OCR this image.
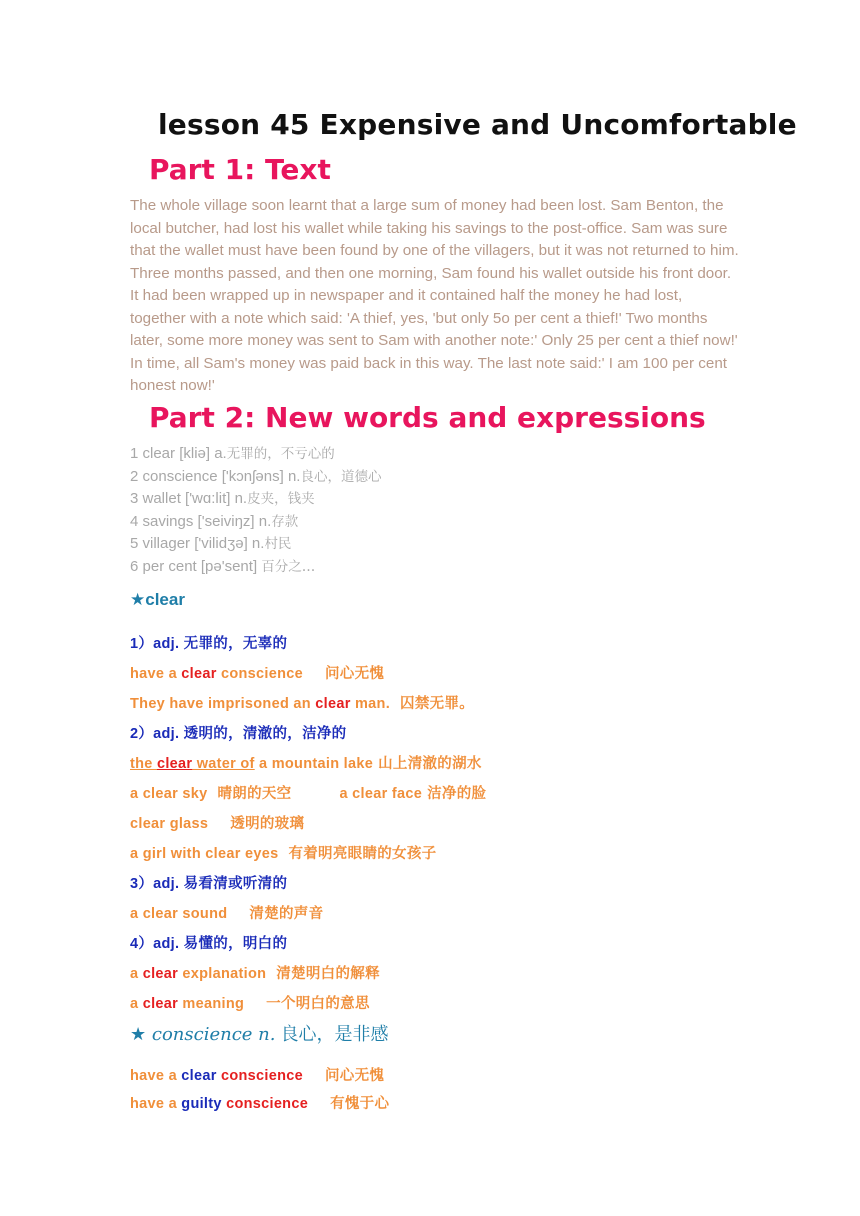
lesson 45 Expensive and Uncomfortable
Part 1: Text
The whole village soon learnt that a large sum of money had been lost. Sam Benton, the local butcher, had lost his wallet while taking his savings to the post-office. Sam was sure that the wallet must have been found by one of the villagers, but it was not returned to him. Three months passed, and then one morning, Sam found his wallet outside his front door. It had been wrapped up in newspaper and it contained half the money he had lost, together with a note which said: 'A thief, yes, 'but only 5o per cent a thief!' Two months later, some more money was sent to Sam with another note:' Only 25 per cent a thief now!' In time, all Sam's money was paid back in this way. The last note said:' I am 100 per cent honest now!'
Part 2: New words and expressions
1 clear [kliə] a.无罪的，不亏心的
2 conscience ['kɔnʃəns] n.良心，道德心
3 wallet ['wɑ:lit] n.皮夹，钱夹
4 savings ['seiviŋz] n.存款
5 villager ['vilidʒə] n.村民
6 per cent [pə'sent] 百分之…
★clear
1）adj. 无罪的，无辜的
have a clear conscience 问心无愧
They have imprisoned an clear man. 囚禁无罪。
2）adj. 透明的，清澈的，洁净的
the clear water of a mountain lake 山上清澈的湖水
a clear sky 晴朗的天空	a clear face 洁净的脸
clear glass 透明的玻璃
a girl with clear eyes 有着明亮眼睛的女孩子
3）adj. 易看清或听清的
a clear sound 清楚的声音
4）adj. 易懂的，明白的
a clear explanation 清楚明白的解释
a clear meaning 一个明白的意思
★ conscience n. 良心，是非感
have a clear conscience 问心无愧
have a guilty conscience 有愧于心
